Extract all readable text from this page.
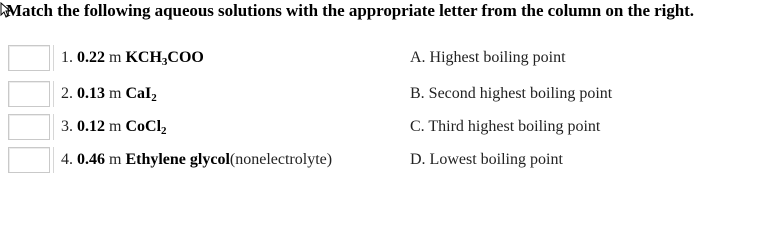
Match the following aqueous solutions with the appropriate letter from the column on the right.
1. 0.22 m $KCH_3COO$	A. Highest boiling point
2. 0.13 m CaI$_2$	B. Second highest boiling point
3. 0.12 m CoCl$_2$	C. Third highest boiling point
4. 0.46 m Ethylene glycol(nonelectrolyte)	D. Lowest boiling point
